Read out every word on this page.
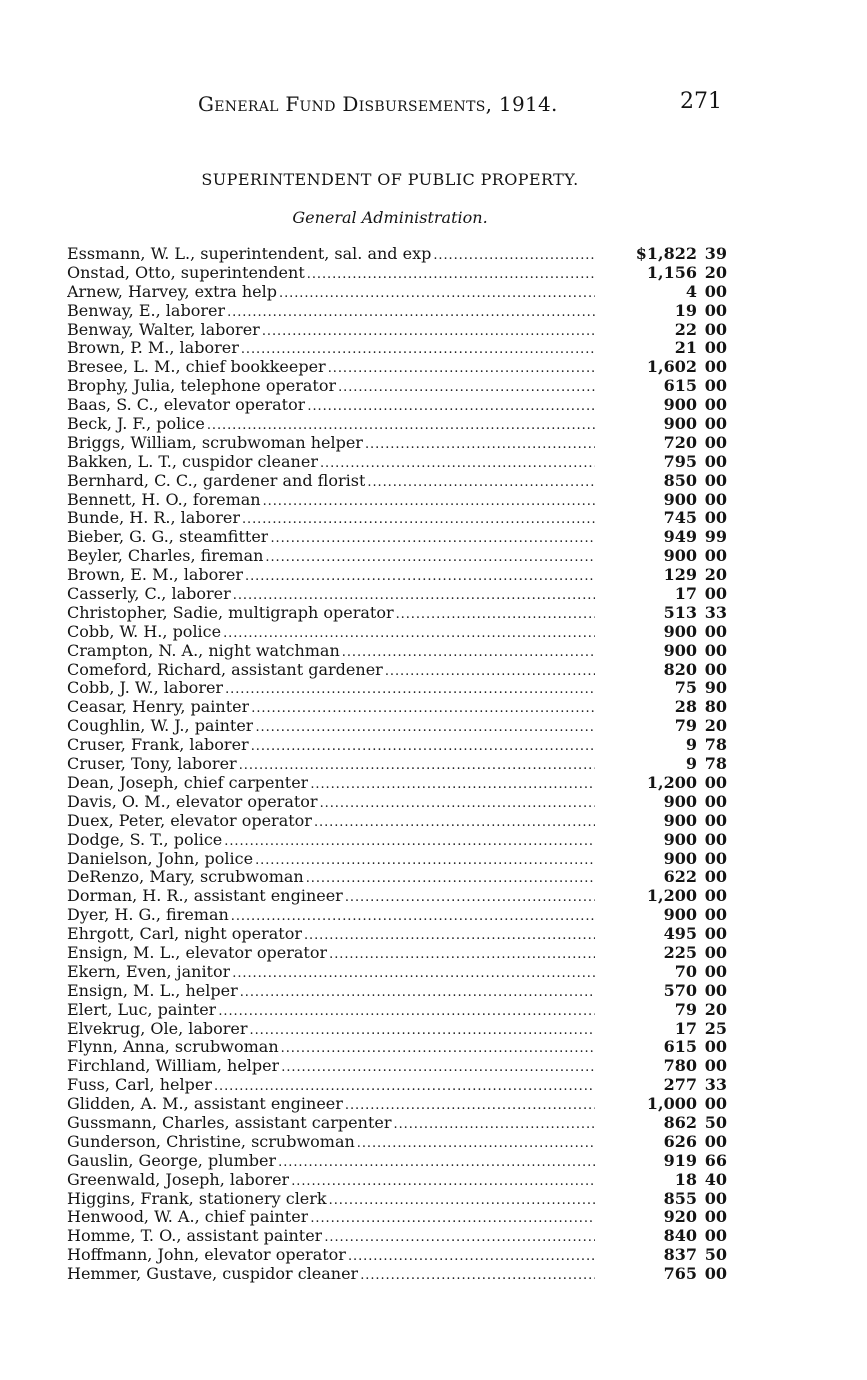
General Fund Disbursements, 1914.	271
SUPERINTENDENT OF PUBLIC PROPERTY.
General Administration.
Essmann, W. L., superintendent, sal. and exp . . .	$1,822 39
Onstad, Otto, superintendent . . .	1,156 20
Arnew, Harvey, extra help . . .	4 00
Benway, E., laborer . . .	19 00
Benway, Walter, laborer . . .	22 00
Brown, P. M., laborer . . .	21 00
Bresee, L. M., chief bookkeeper . . .	1,602 00
Brophy, Julia, telephone operator . . .	615 00
Baas, S. C., elevator operator . . .	900 00
Beck, J. F., police . . .	900 00
Briggs, William, scrubwoman helper . . .	720 00
Bakken, L. T., cuspidor cleaner . . .	795 00
Bernhard, C. C., gardener and florist . . .	850 00
Bennett, H. O., foreman . . .	900 00
Bunde, H. R., laborer . . .	745 00
Bieber, G. G., steamfitter . . .	949 99
Beyler, Charles, fireman . . .	900 00
Brown, E. M., laborer . . .	129 20
Casserly, C., laborer . . .	17 00
Christopher, Sadie, multigraph operator . . .	513 33
Cobb, W. H., police . . .	900 00
Crampton, N. A., night watchman . . .	900 00
Comeford, Richard, assistant gardener . . .	820 00
Cobb, J. W., laborer . . .	75 90
Ceasar, Henry, painter . . .	28 80
Coughlin, W. J., painter . . .	79 20
Cruser, Frank, laborer . . .	9 78
Cruser, Tony, laborer . . .	9 78
Dean, Joseph, chief carpenter . . .	1,200 00
Davis, O. M., elevator operator . . .	900 00
Duex, Peter, elevator operator . . .	900 00
Dodge, S. T., police . . .	900 00
Danielson, John, police . . .	900 00
DeRenzo, Mary, scrubwoman . . .	622 00
Dorman, H. R., assistant engineer . . .	1,200 00
Dyer, H. G., fireman . . .	900 00
Ehrgott, Carl, night operator . . .	495 00
Ensign, M. L., elevator operator . . .	225 00
Ekern, Even, janitor . . .	70 00
Ensign, M. L., helper . . .	570 00
Elert, Luc, painter . . .	79 20
Elvekrug, Ole, laborer . . .	17 25
Flynn, Anna, scrubwoman . . .	615 00
Firchland, William, helper . . .	780 00
Fuss, Carl, helper . . .	277 33
Glidden, A. M., assistant engineer . . .	1,000 00
Gussmann, Charles, assistant carpenter . . .	862 50
Gunderson, Christine, scrubwoman . . .	626 00
Gauslin, George, plumber . . .	919 66
Greenwald, Joseph, laborer . . .	18 40
Higgins, Frank, stationery clerk . . .	855 00
Henwood, W. A., chief painter . . .	920 00
Homme, T. O., assistant painter . . .	840 00
Hoffmann, John, elevator operator . . .	837 50
Hemmer, Gustave, cuspidor cleaner . . .	765 00
